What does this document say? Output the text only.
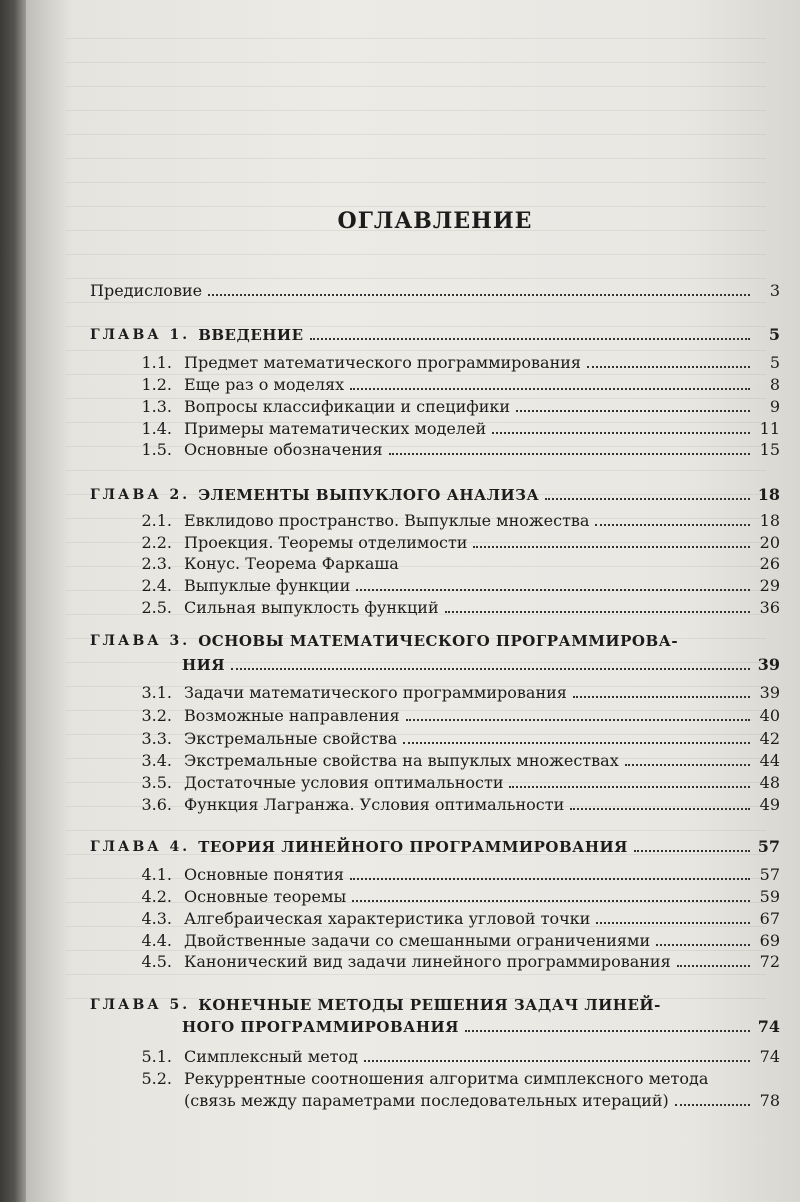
ОГЛАВЛЕНИЕ
Предисловие	3
ГЛАВА 1. ВВЕДЕНИЕ	5
1.1. Предмет математического программирования	5
1.2. Еще раз о моделях	8
1.3. Вопросы классификации и специфики	9
1.4. Примеры математических моделей	11
1.5. Основные обозначения	15
ГЛАВА 2. ЭЛЕМЕНТЫ ВЫПУКЛОГО АНАЛИЗА	18
2.1. Евклидово пространство. Выпуклые множества	18
2.2. Проекция. Теоремы отделимости	20
2.3. Конус. Теорема Фаркаша	26
2.4. Выпуклые функции	29
2.5. Сильная выпуклость функций	36
ГЛАВА 3. ОСНОВЫ МАТЕМАТИЧЕСКОГО ПРОГРАММИРОВА-
НИЯ	39
3.1. Задачи математического программирования	39
3.2. Возможные направления	40
3.3. Экстремальные свойства	42
3.4. Экстремальные свойства на выпуклых множествах	44
3.5. Достаточные условия оптимальности	48
3.6. Функция Лагранжа. Условия оптимальности	49
ГЛАВА 4. ТЕОРИЯ ЛИНЕЙНОГО ПРОГРАММИРОВАНИЯ	57
4.1. Основные понятия	57
4.2. Основные теоремы	59
4.3. Алгебраическая характеристика угловой точки	67
4.4. Двойственные задачи со смешанными ограничениями	69
4.5. Канонический вид задачи линейного программирования	72
ГЛАВА 5. КОНЕЧНЫЕ МЕТОДЫ РЕШЕНИЯ ЗАДАЧ ЛИНЕЙ-
НОГО ПРОГРАММИРОВАНИЯ	74
5.1. Симплексный метод	74
5.2. Рекуррентные соотношения алгоритма симплексного метода
(связь между параметрами последовательных итераций)	78
